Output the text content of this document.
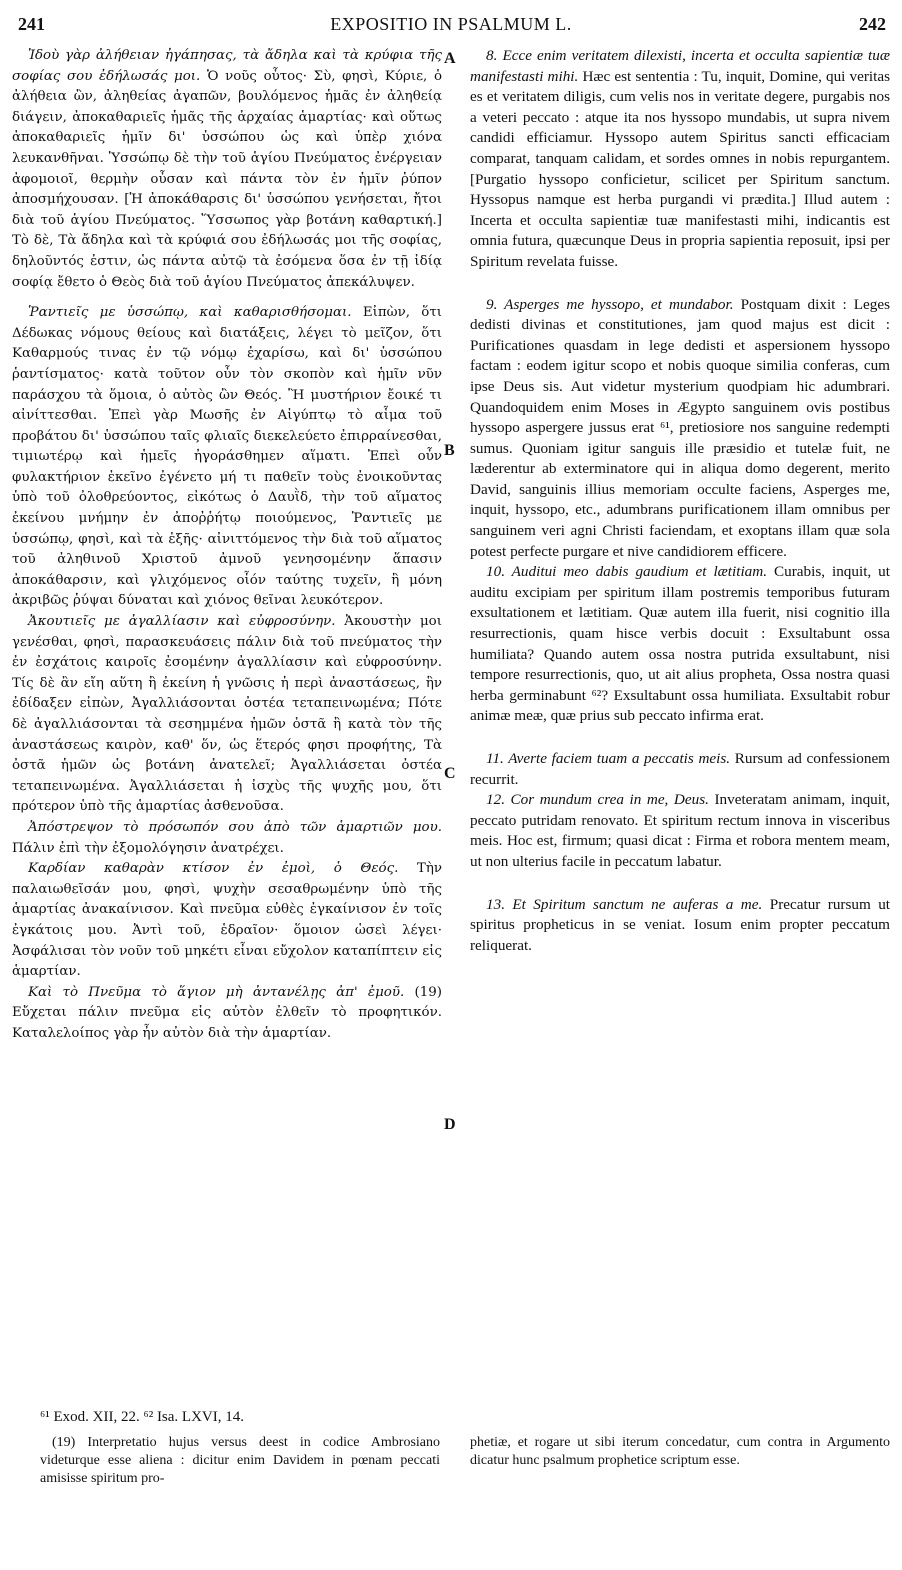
241	EXPOSITIO IN PSALMUM L.	242

Ἰδοὺ γὰρ ἀλήθειαν ἠγάπησας, τὰ ἄδηλα καὶ τὰ κρύφια τῆς σοφίας σου ἐδήλωσάς μοι. Ὁ νοῦς οὗτος· Σὺ, φησὶ, Κύριε, ὁ ἀλήθεια ὢν, ἀληθείας ἀγαπῶν, βουλόμενος ἡμᾶς ἐν ἀληθείᾳ διάγειν, ἀποκαθαριεῖς ἡμᾶς τῆς ἀρχαίας ἁμαρτίας· καὶ οὕτως ἀποκαθαριεῖς ἡμῖν δι' ὑσσώπου ὡς καὶ ὑπὲρ χιόνα λευκανθῆναι. Ὑσσώπῳ δὲ τὴν τοῦ ἁγίου Πνεύματος ἐνέργειαν ἀφομοιοῖ, θερμὴν οὖσαν καὶ πάντα τὸν ἐν ἡμῖν ῥύπον ἀποσμήχουσαν. [Ἡ ἀποκάθαρσις δι' ὑσσώπου γενήσεται, ἤτοι διὰ τοῦ ἁγίου Πνεύματος. Ὕσσωπος γὰρ βοτάνη καθαρτική.] Τὸ δὲ, Τὰ ἄδηλα καὶ τὰ κρύφιά σου ἐδήλωσάς μοι τῆς σοφίας, δηλοῦντός ἐστιν, ὡς πάντα αὐτῷ τὰ ἐσόμενα ὅσα ἐν τῇ ἰδίᾳ σοφίᾳ ἔθετο ὁ Θεὸς διὰ τοῦ ἁγίου Πνεύματος ἀπεκάλυψεν.

Ῥαντιεῖς με ὑσσώπῳ, καὶ καθαρισθήσομαι. Εἰπὼν, ὅτι Δέδωκας νόμους θείους καὶ διατάξεις, λέγει τὸ μεῖζον, ὅτι Καθαρμούς τινας ἐν τῷ νόμῳ ἐχαρίσω, καὶ δι' ὑσσώπου ῥαντίσματος· κατὰ τοῦτον οὖν τὸν σκοπὸν καὶ ἡμῖν νῦν παράσχου τὰ ὅμοια, ὁ αὐτὸς ὢν Θεός. Ἢ μυστήριον ἔοικέ τι αἰνίττεσθαι. Ἐπεὶ γὰρ Μωσῆς ἐν Αἰγύπτῳ τὸ αἷμα τοῦ προβάτου δι' ὑσσώπου ταῖς φλιαῖς διεκελεύετο ἐπιρραίνεσθαι, τιμιωτέρῳ καὶ ἡμεῖς ἠγοράσθημεν αἵματι. Ἐπεὶ οὖν φυλακτήριον ἐκεῖνο ἐγένετο μή τι παθεῖν τοὺς ἐνοικοῦντας ὑπὸ τοῦ ὀλοθρεύοντος, εἰκότως ὁ Δαυῒδ, τὴν τοῦ αἵματος ἐκείνου μνήμην ἐν ἀποῤῥήτῳ ποιούμενος, Ῥαντιεῖς με ὑσσώπῳ, φησὶ, καὶ τὰ ἑξῆς· αἰνιττόμενος τὴν διὰ τοῦ αἵματος τοῦ ἀληθινοῦ Χριστοῦ ἀμνοῦ γενησομένην ἅπασιν ἀποκάθαρσιν, καὶ γλιχόμενος οἷόν ταύτης τυχεῖν, ἣ μόνη ἀκριβῶς ῥύψαι δύναται καὶ χιόνος θεῖναι λευκότερον.

Ἀκουτιεῖς με ἀγαλλίασιν καὶ εὐφροσύνην. Ἀκουστὴν μοι γενέσθαι, φησὶ, παρασκευάσεις πάλιν διὰ τοῦ πνεύματος τὴν ἐν ἐσχάτοις καιροῖς ἐσομένην ἀγαλλίασιν καὶ εὐφροσύνην. Τίς δὲ ἂν εἴη αὕτη ἢ ἐκείνη ἡ γνῶσις ἡ περὶ ἀναστάσεως, ἣν ἐδίδαξεν εἰπὼν, Ἀγαλλιάσονται ὀστέα τεταπεινωμένα; Πότε δὲ ἀγαλλιάσονται τὰ σεσημμένα ἡμῶν ὀστᾶ ἢ κατὰ τὸν τῆς ἀναστάσεως καιρὸν, καθ' ὅν, ὡς ἕτερός φησι προφήτης, Τὰ ὀστᾶ ἡμῶν ὡς βοτάνη ἀνατελεῖ; Ἀγαλλιάσεται ὀστέα τεταπεινωμένα. Ἀγαλλιάσεται ἡ ἰσχὺς τῆς ψυχῆς μου, ὅτι πρότερον ὑπὸ τῆς ἁμαρτίας ἀσθενοῦσα.

Ἀπόστρεψον τὸ πρόσωπόν σου ἀπὸ τῶν ἁμαρτιῶν μου. Πάλιν ἐπὶ τὴν ἐξομολόγησιν ἀνατρέχει.

Καρδίαν καθαρὰν κτίσον ἐν ἐμοὶ, ὁ Θεός. Τὴν παλαιωθεῖσάν μου, φησὶ, ψυχὴν σεσαθρωμένην ὑπὸ τῆς ἁμαρτίας ἀνακαίνισον. Καὶ πνεῦμα εὐθὲς ἐγκαίνισον ἐν τοῖς ἐγκάτοις μου. Ἀντὶ τοῦ, ἑδραῖον· ὅμοιον ὡσεὶ λέγει· Ἀσφάλισαι τὸν νοῦν τοῦ μηκέτι εἶναι εὔχολον καταπίπτειν εἰς ἁμαρτίαν.

Καὶ τὸ Πνεῦμα τὸ ἅγιον μὴ ἀντανέλῃς ἀπ' ἐμοῦ. (19) Εὔχεται πάλιν πνεῦμα εἰς αὐτὸν ἐλθεῖν τὸ προφητικόν. Καταλελοίπος γὰρ ἦν αὐτὸν διὰ τὴν ἁμαρτίαν.

A
B
C
D

8. Ecce enim veritatem dilexisti, incerta et occulta sapientiæ tuæ manifestasti mihi. Hæc est sententia : Tu, inquit, Domine, qui veritas es et veritatem diligis, cum velis nos in veritate degere, purgabis nos a veteri peccato : atque ita nos hyssopo mundabis, ut supra nivem candidi efficiamur. Hyssopo autem Spiritus sancti efficaciam comparat, tanquam calidam, et sordes omnes in nobis repurgantem. [Purgatio hyssopo conficietur, scilicet per Spiritum sanctum. Hyssopus namque est herba purgandi vi prædita.] Illud autem : Incerta et occulta sapientiæ tuæ manifestasti mihi, indicantis est omnia futura, quæcunque Deus in propria sapientia reposuit, ipsi per Spiritum revelata fuisse.

9. Asperges me hyssopo, et mundabor. Postquam dixit : Leges dedisti divinas et constitutiones, jam quod majus est dicit : Purificationes quasdam in lege dedisti et aspersionem hyssopo factam : eodem igitur scopo et nobis quoque similia conferas, cum ipse Deus sis. Aut videtur mysterium quodpiam hic adumbrari. Quandoquidem enim Moses in Ægypto sanguinem ovis postibus hyssopo aspergere jussus erat ⁶¹, pretiosiore nos sanguine redempti sumus. Quoniam igitur sanguis ille præsidio et tutelæ fuit, ne læderentur ab exterminatore qui in aliqua domo degerent, merito David, sanguinis illius memoriam occulte faciens, Asperges me, inquit, hyssopo, etc., adumbrans purificationem illam omnibus per sanguinem veri agni Christi faciendam, et exoptans illam quæ sola potest perfecte purgare et nive candidiorem efficere.

10. Auditui meo dabis gaudium et lætitiam. Curabis, inquit, ut auditu excipiam per spiritum illam postremis temporibus futuram exsultationem et lætitiam. Quæ autem illa fuerit, nisi cognitio illa resurrectionis, quam hisce verbis docuit : Exsultabunt ossa humiliata? Quando autem ossa nostra putrida exsultabunt, nisi tempore resurrectionis, quo, ut ait alius propheta, Ossa nostra quasi herba germinabunt ⁶²? Exsultabunt ossa humiliata. Exsultabit robur animæ meæ, quæ prius sub peccato infirma erat.

11. Averte faciem tuam a peccatis meis. Rursum ad confessionem recurrit.

12. Cor mundum crea in me, Deus. Inveteratam animam, inquit, peccato putridam renovato. Et spiritum rectum innova in visceribus meis. Hoc est, firmum; quasi dicat : Firma et robora mentem meam, ut non ulterius facile in peccatum labatur.

13. Et Spiritum sanctum ne auferas a me. Precatur rursum ut spiritus propheticus in se veniat. Iosum enim propter peccatum reliquerat.

⁶¹ Exod. XII, 22. ⁶² Isa. LXVI, 14.

(19) Interpretatio hujus versus deest in codice Ambrosiano videturque esse aliena : dicitur enim Davidem in pœnam peccati amisisse spiritum pro-

phetiæ, et rogare ut sibi iterum concedatur, cum contra in Argumento dicatur hunc psalmum prophetice scriptum esse.
